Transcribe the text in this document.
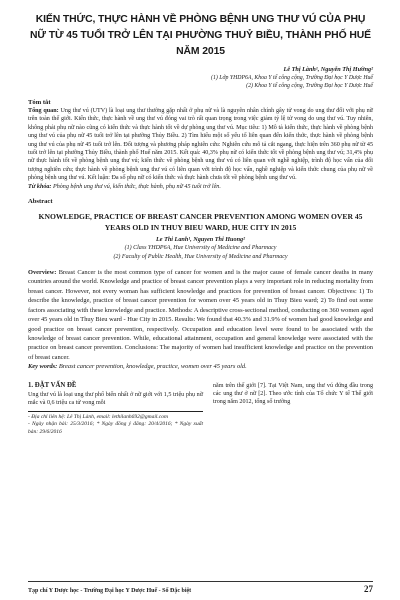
KIẾN THỨC, THỰC HÀNH VỀ PHÒNG BỆNH UNG THƯ VÚ CỦA PHỤ NỮ TỪ 45 TUỔI TRỞ LÊN TẠI PHƯỜNG THUỶ BIỀU, THÀNH PHỐ HUẾ NĂM 2015
Lê Thị Lành¹, Nguyễn Thị Hường²
(1) Lớp YHDP6A, Khoa Y tế công cộng, Trường Đại học Y Dược Huế
(2) Khoa Y tế công cộng, Trường Đại học Y Dược Huế
Tóm tắt

Tổng quan: Ung thư vú (UTV) là loại ung thư thường gặp nhất ở phụ nữ và là nguyên nhân chính gây tử vong do ung thư đối với phụ nữ trên toàn thế giới. Kiến thức, thực hành về ung thư vú đóng vai trò rất quan trọng trong việc giảm tỷ lệ tử vong do ung thư vú. Tuy nhiên, không phải phụ nữ nào cũng có kiến thức và thực hành tốt về dự phòng ung thư vú. Mục tiêu: 1) Mô tả kiến thức, thực hành về phòng bệnh ung thư vú của phụ nữ 45 tuổi trở lên tại phường Thủy Biều. 2) Tìm hiểu một số yếu tố liên quan đến kiến thức, thực hành về phòng bệnh ung thư vú của phụ nữ 45 tuổi trở lên. Đối tượng và phương pháp nghiên cứu: Nghiên cứu mô tả cắt ngang, thực hiện trên 360 phụ nữ từ 45 tuổi trở lên tại phường Thủy Biều, thành phố Huế năm 2015. Kết quả: 40,3% phụ nữ có kiến thức tốt về phòng bệnh ung thư vú; 31,4% phụ nữ thực hành tốt về phòng bệnh ung thư vú; kiến thức về phòng bệnh ung thư vú có liên quan với nghề nghiệp, trình độ học vấn của đối tượng nghiên cứu; thực hành về phòng bệnh ung thư vú có liên quan với trình độ học vấn, nghề nghiệp và kiến thức chung của phụ nữ về phòng bệnh ung thư vú. Kết luận: Đa số phụ nữ có kiến thức và thực hành chưa tốt về phòng bệnh ung thư vú.

Từ khóa: Phòng bệnh ung thư vú, kiến thức, thực hành, phụ nữ 45 tuổi trở lên.
Abstract
KNOWLEDGE, PRACTICE OF BREAST CANCER PREVENTION AMONG WOMEN OVER 45 YEARS OLD IN THUY BIEU WARD, HUE CITY IN 2015
Le Thi Lanh¹, Nguyen Thi Huong²
(1) Class YHDP6A, Hue University of Medicine and Pharmacy
(2) Faculty of Public Health, Hue University of Medicine and Pharmacy

Overview: Breast Cancer is the most common type of cancer for women and is the major cause of female cancer deaths in many countries around the world. Knowledge and practice of breast cancer prevention plays a very important role in reducing mortality from breast cancer. However, not every woman has sufficient knowledge and practices for prevention of breast cancer. Objectives: 1) To describe the knowledge, practice of breast cancer prevention for women over 45 years old in Thuy Bieu ward; 2) To find out some factors associating with these knowledge and practice. Methods: A descriptive cross-sectional method, conducting on 360 women aged over 45 years old in Thuy Bieu ward - Hue City in 2015. Results: We found that 40.3% and 31.9% of women had good knowledge and good practice on breast cancer prevention, respectively. Occupation and education level were found to be associated with the knowledge of breast cancer prevention. While, educational attainment, occupation and general knowledge were associated with the practice on breast cancer prevention. Conclusions: The majority of women had insufficient knowledge and practice on the prevention of breast cancer.

Key words: Breast cancer prevention, knowledge, practice, women over 45 years old.
1. ĐẶT VẤN ĐỀ
Ung thư vú là loại ung thư phổ biến nhất ở nữ giới với 1,5 triệu phụ nữ mắc và 0,6 triệu ca tử vong mỗi
- Địa chỉ liên hệ: Lê Thị Lành, email: lethilanh692@gmail.com
- Ngày nhận bài: 25/3/2016; * Ngày đồng ý đăng: 20/4/2016; * Ngày xuất bản: 29/6/2016
năm trên thế giới [7]. Tại Việt Nam, ung thư vú đứng đầu trong các ung thư ở nữ [2]. Theo ước tính của Tổ chức Y tế Thế giới trong năm 2012, tổng số trường
Tạp chí Y Dược học - Trường Đại học Y Dược Huế - Số Đặc biệt	27
